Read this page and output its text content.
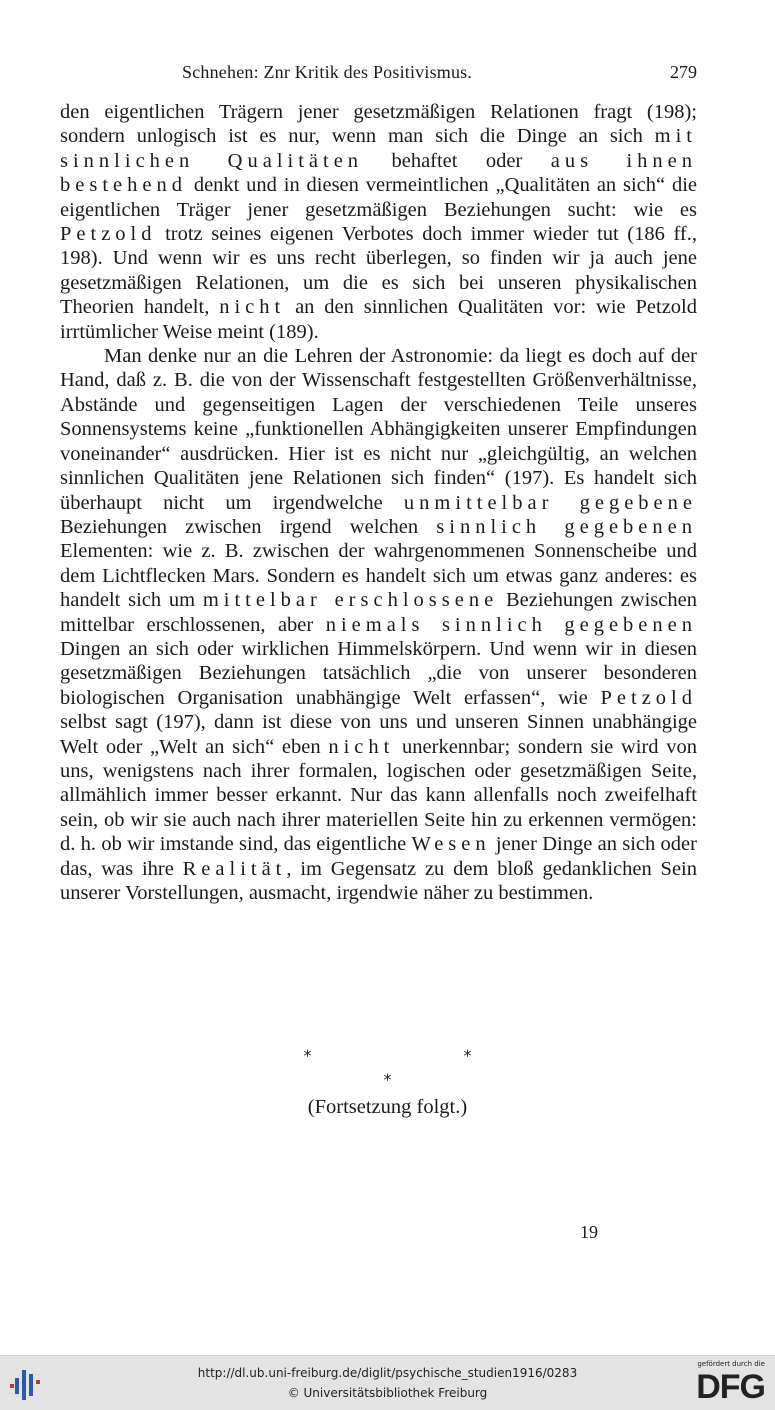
Schnehen: Znr Kritik des Positivismus.	279

den eigentlichen Trägern jener gesetzmäßigen Relationen fragt (198); sondern unlogisch ist es nur, wenn man sich die Dinge an sich mit sinnlichen Qualitäten behaftet oder aus ihnen bestehend denkt und in diesen vermeintlichen „Qualitäten an sich“ die eigentlichen Träger jener gesetzmäßigen Beziehungen sucht: wie es Petzold trotz seines eigenen Verbotes doch immer wieder tut (186 ff., 198). Und wenn wir es uns recht überlegen, so finden wir ja auch jene gesetzmäßigen Relationen, um die es sich bei unseren physikalischen Theorien handelt, nicht an den sinnlichen Qualitäten vor: wie Petzold irrtümlicher Weise meint (189).

Man denke nur an die Lehren der Astronomie: da liegt es doch auf der Hand, daß z. B. die von der Wissenschaft festgestellten Größenverhältnisse, Abstände und gegenseitigen Lagen der verschiedenen Teile unseres Sonnensystems keine „funktionellen Abhängigkeiten unserer Empfindungen voneinander“ ausdrücken. Hier ist es nicht nur „gleichgültig, an welchen sinnlichen Qualitäten jene Relationen sich finden“ (197). Es handelt sich überhaupt nicht um irgendwelche unmittelbar gegebene Beziehungen zwischen irgend welchen sinnlich gegebenen Elementen: wie z. B. zwischen der wahrgenommenen Sonnenscheibe und dem Lichtflecken Mars. Sondern es handelt sich um etwas ganz anderes: es handelt sich um mittelbar erschlossene Beziehungen zwischen mittelbar erschlossenen, aber niemals sinnlich gegebenen Dingen an sich oder wirklichen Himmelskörpern. Und wenn wir in diesen gesetzmäßigen Beziehungen tatsächlich „die von unserer besonderen biologischen Organisation unabhängige Welt erfassen“, wie Petzold selbst sagt (197), dann ist diese von uns und unseren Sinnen unabhängige Welt oder „Welt an sich“ eben nicht unerkennbar; sondern sie wird von uns, wenigstens nach ihrer formalen, logischen oder gesetzmäßigen Seite, allmählich immer besser erkannt. Nur das kann allenfalls noch zweifelhaft sein, ob wir sie auch nach ihrer materiellen Seite hin zu erkennen vermögen: d. h. ob wir imstande sind, das eigentliche Wesen jener Dinge an sich oder das, was ihre Realität, im Gegensatz zu dem bloß gedanklichen Sein unserer Vorstellungen, ausmacht, irgendwie näher zu bestimmen.

*	*
*
(Fortsetzung folgt.)
19
http://dl.ub.uni-freiburg.de/diglit/psychische_studien1916/0283
© Universitätsbibliothek Freiburg
gefördert durch die
DFG
